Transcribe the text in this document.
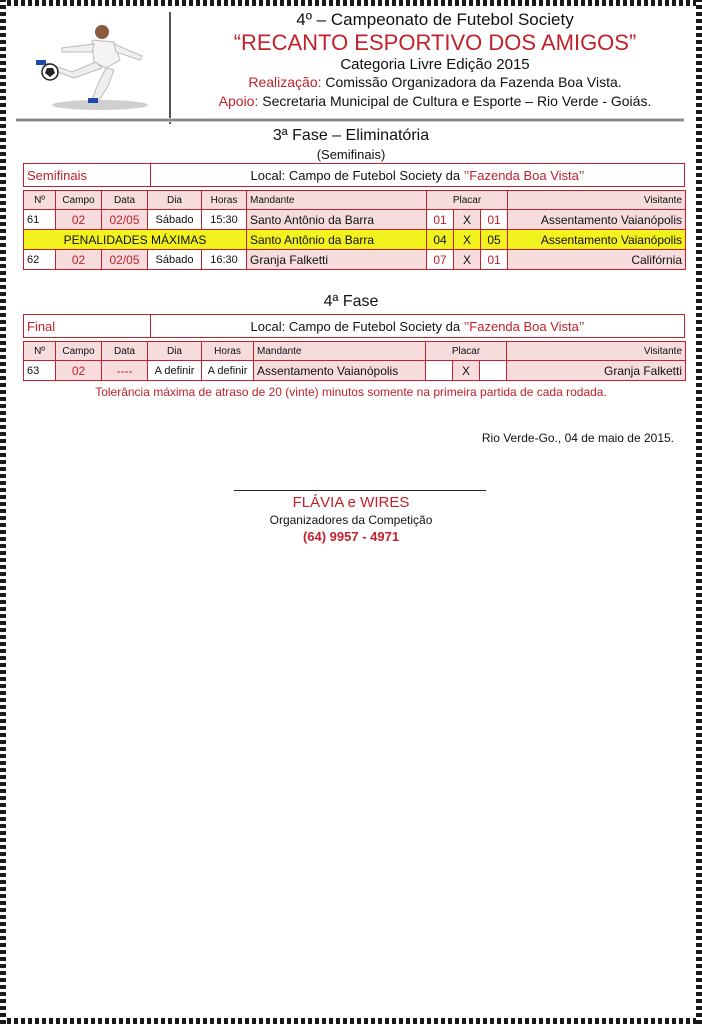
4º – Campeonato de Futebol Society
“RECANTO ESPORTIVO DOS AMIGOS”
Categoria Livre Edição 2015
Realização: Comissão Organizadora da Fazenda Boa Vista.
Apoio: Secretaria Municipal de Cultura e Esporte – Rio Verde - Goiás.
3ª Fase – Eliminatória
(Semifinais)
Semifinais	Local: Campo de Futebol Society da ’’Fazenda Boa Vista’’
Nº	Campo	Data	Dia	Horas	Mandante	Placar			Visitante
61	02	02/05	Sábado	15:30	Santo Antônio da Barra	01	X	01	Assentamento Vaianópolis
PENALIDADES MÁXIMAS					Santo Antônio da Barra	04	X	05	Assentamento Vaianópolis
62	02	02/05	Sábado	16:30	Granja Falketti	07	X	01	Califórnia
4ª Fase
Final	Local: Campo de Futebol Society da ’’Fazenda Boa Vista’’
Nº	Campo	Data	Dia	Horas	Mandante	Placar			Visitante
63	02	----	A definir	A definir	Assentamento Vaianópolis		X		Granja Falketti
Tolerância máxima de atraso de 20 (vinte) minutos somente na primeira partida de cada rodada.
Rio Verde-Go., 04 de maio de 2015.
FLÁVIA e WIRES
Organizadores da Competição
(64) 9957 - 4971
